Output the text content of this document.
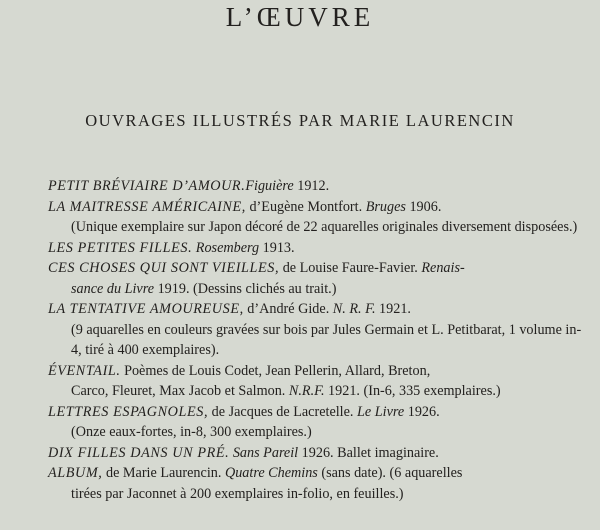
L’ŒUVRE
OUVRAGES ILLUSTRÉS PAR MARIE LAURENCIN

PETIT BRÉVIAIRE D’AMOUR.Figuière 1912.

LA MAITRESSE AMÉRICAINE, d’Eugène Montfort. Bruges 1906.
(Unique exemplaire sur Japon décoré de 22 aquarelles originales diversement disposées.)

LES PETITES FILLES. Rosemberg 1913.

CES CHOSES QUI SONT VIEILLES, de Louise Faure-Favier. Renais-
sance du Livre 1919. (Dessins clichés au trait.)

LA TENTATIVE AMOUREUSE, d’André Gide. N. R. F. 1921.
(9 aquarelles en couleurs gravées sur bois par Jules Germain et L. Petitbarat, 1 volume in-4, tiré à 400 exemplaires).

ÉVENTAIL. Poèmes de Louis Codet, Jean Pellerin, Allard, Breton,
Carco, Fleuret, Max Jacob et Salmon. N.R.F. 1921. (In-6, 335 exemplaires.)

LETTRES ESPAGNOLES, de Jacques de Lacretelle. Le Livre 1926.
(Onze eaux-fortes, in-8, 300 exemplaires.)

DIX FILLES DANS UN PRÉ. Sans Pareil 1926. Ballet imaginaire.

ALBUM, de Marie Laurencin. Quatre Chemins (sans date). (6 aquarelles
tirées par Jaconnet à 200 exemplaires in-folio, en feuilles.)
